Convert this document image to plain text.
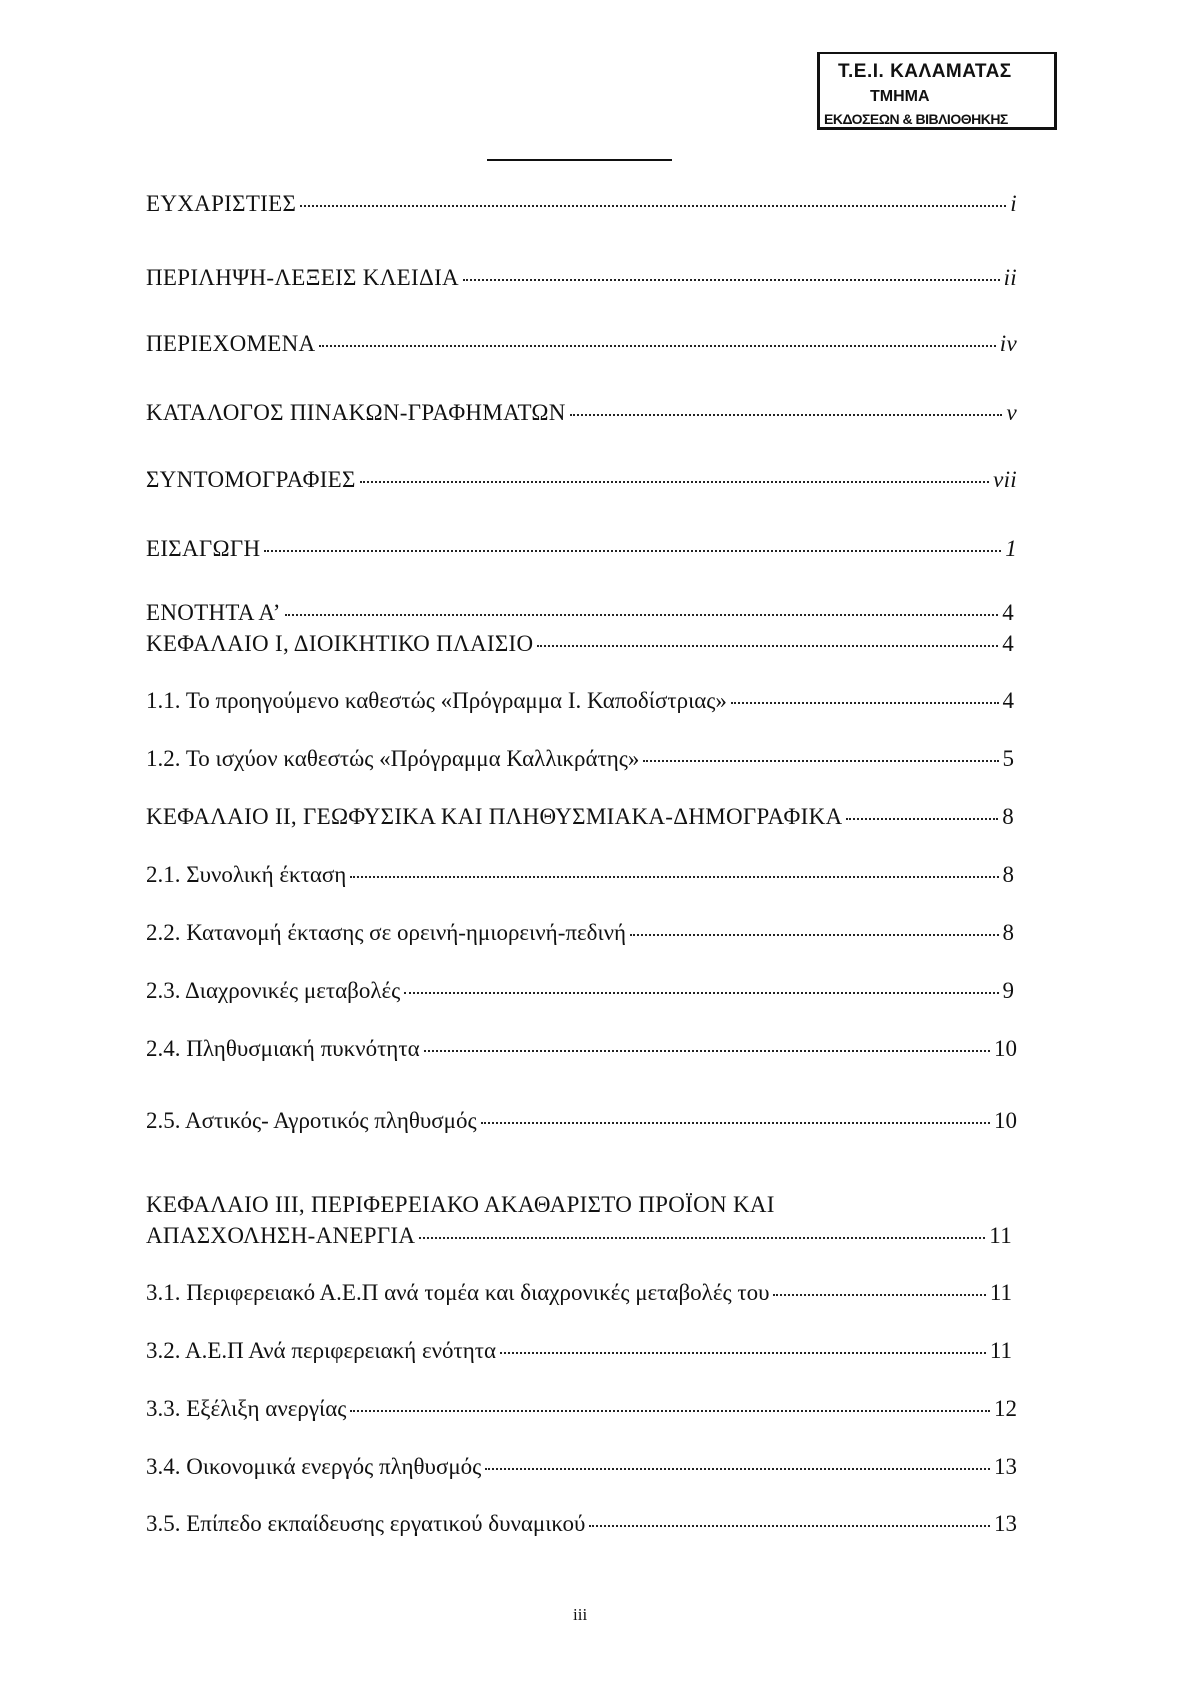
Τ.Ε.Ι. ΚΑΛΑΜΑΤΑΣ
ΤΜΗΜΑ
ΕΚΔΟΣΕΩΝ & ΒΙΒΛΙΟΘΗΚΗΣ
ΕΥΧΑΡΙΣΤΙΕΣ	i
ΠΕΡΙΛΗΨΗ-ΛΕΞΕΙΣ ΚΛΕΙΔΙΑ	ii
ΠΕΡΙΕΧΟΜΕΝΑ	iv
ΚΑΤΑΛΟΓΟΣ ΠΙΝΑΚΩΝ-ΓΡΑΦΗΜΑΤΩΝ	v
ΣΥΝΤΟΜΟΓΡΑΦΙΕΣ	vii
ΕΙΣΑΓΩΓΗ	1
ΕΝΟΤΗΤΑ Α’	4
ΚΕΦΑΛΑΙΟ Ι, ΔΙΟΙΚΗΤΙΚΟ ΠΛΑΙΣΙΟ	4
1.1. Το προηγούμενο καθεστώς «Πρόγραμμα Ι. Καποδίστριας»	4
1.2. Το ισχύον καθεστώς «Πρόγραμμα Καλλικράτης»	5
ΚΕΦΑΛΑΙΟ ΙΙ, ΓΕΩΦΥΣΙΚΑ ΚΑΙ ΠΛΗΘΥΣΜΙΑΚΑ-ΔΗΜΟΓΡΑΦΙΚΑ	8
2.1. Συνολική έκταση	8
2.2. Κατανομή έκτασης σε ορεινή-ημιορεινή-πεδινή	8
2.3. Διαχρονικές μεταβολές	9
2.4. Πληθυσμιακή πυκνότητα	10
2.5. Αστικός- Αγροτικός πληθυσμός	10
ΚΕΦΑΛΑΙΟ ΙΙΙ, ΠΕΡΙΦΕΡΕΙΑΚΟ ΑΚΑΘΑΡΙΣΤΟ ΠΡΟΪΟΝ ΚΑΙ
ΑΠΑΣΧΟΛΗΣΗ-ΑΝΕΡΓΙΑ	11
3.1. Περιφερειακό Α.Ε.Π ανά τομέα και διαχρονικές μεταβολές του	11
3.2. Α.Ε.Π Ανά περιφερειακή ενότητα	11
3.3. Εξέλιξη ανεργίας	12
3.4. Οικονομικά ενεργός πληθυσμός	13
3.5. Επίπεδο εκπαίδευσης εργατικού δυναμικού	13
iii
